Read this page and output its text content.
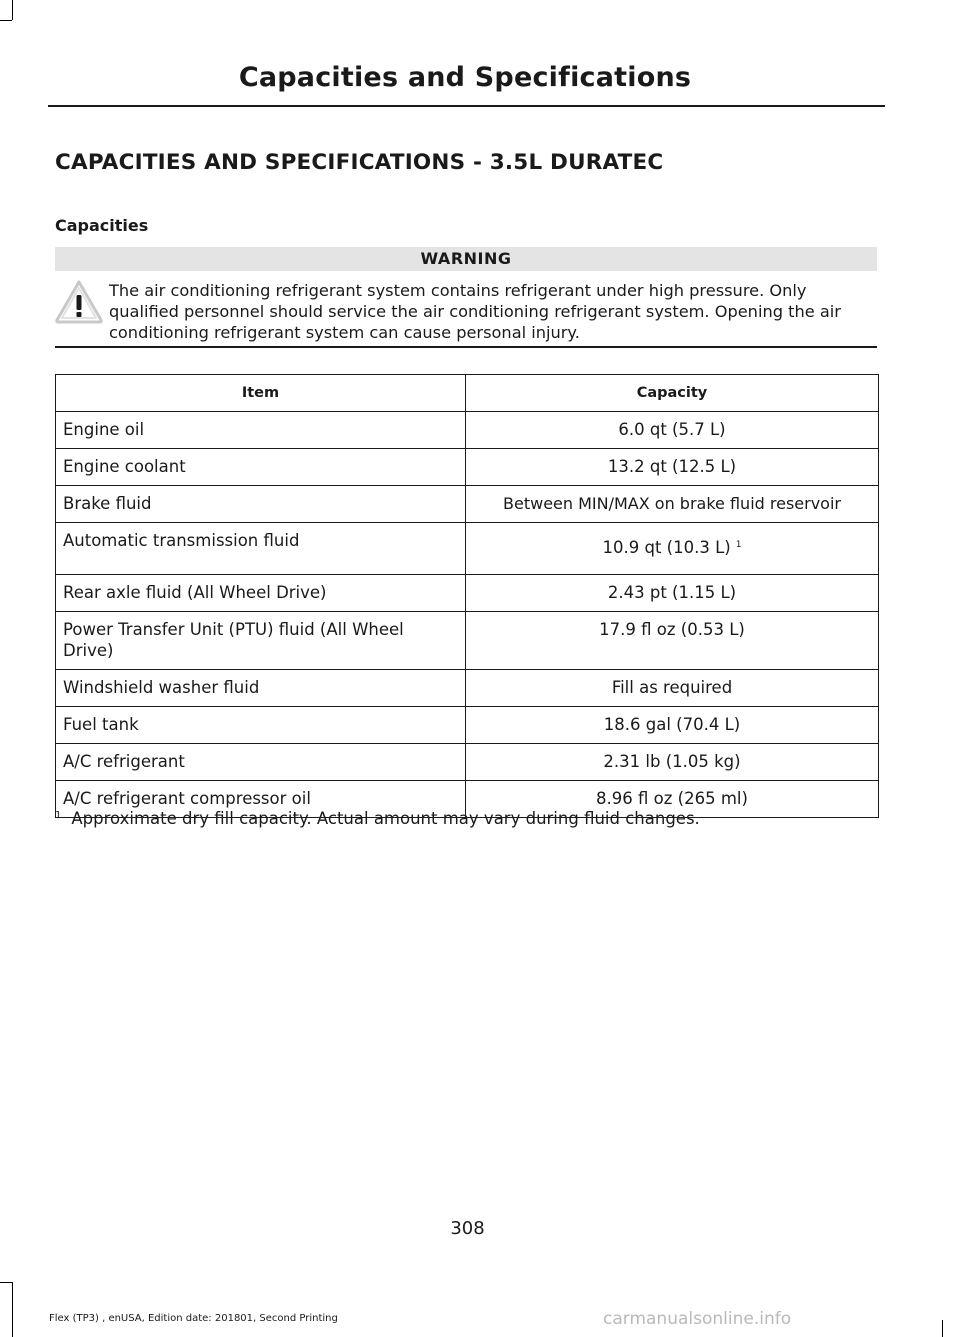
Capacities and Specifications
CAPACITIES AND SPECIFICATIONS - 3.5L DURATEC
Capacities
WARNING
The air conditioning refrigerant system contains refrigerant under high pressure. Only qualified personnel should service the air conditioning refrigerant system. Opening the air conditioning refrigerant system can cause personal injury.
Item	Capacity
Engine oil	6.0 qt (5.7 L)
Engine coolant	13.2 qt (12.5 L)
Brake fluid	Between MIN/MAX on brake fluid reservoir
Automatic transmission fluid	10.9 qt (10.3 L) $^1$
Rear axle fluid (All Wheel Drive)	2.43 pt (1.15 L)
Power Transfer Unit (PTU) fluid (All Wheel Drive)	17.9 fl oz (0.53 L)
Windshield washer fluid	Fill as required
Fuel tank	18.6 gal (70.4 L)
A/C refrigerant	2.31 lb (1.05 kg)
A/C refrigerant compressor oil	8.96 fl oz (265 ml)
$^1$ Approximate dry fill capacity. Actual amount may vary during fluid changes.
308
Flex (TP3) , enUSA, Edition date: 201801, Second Printing	carmanualsonline.info
